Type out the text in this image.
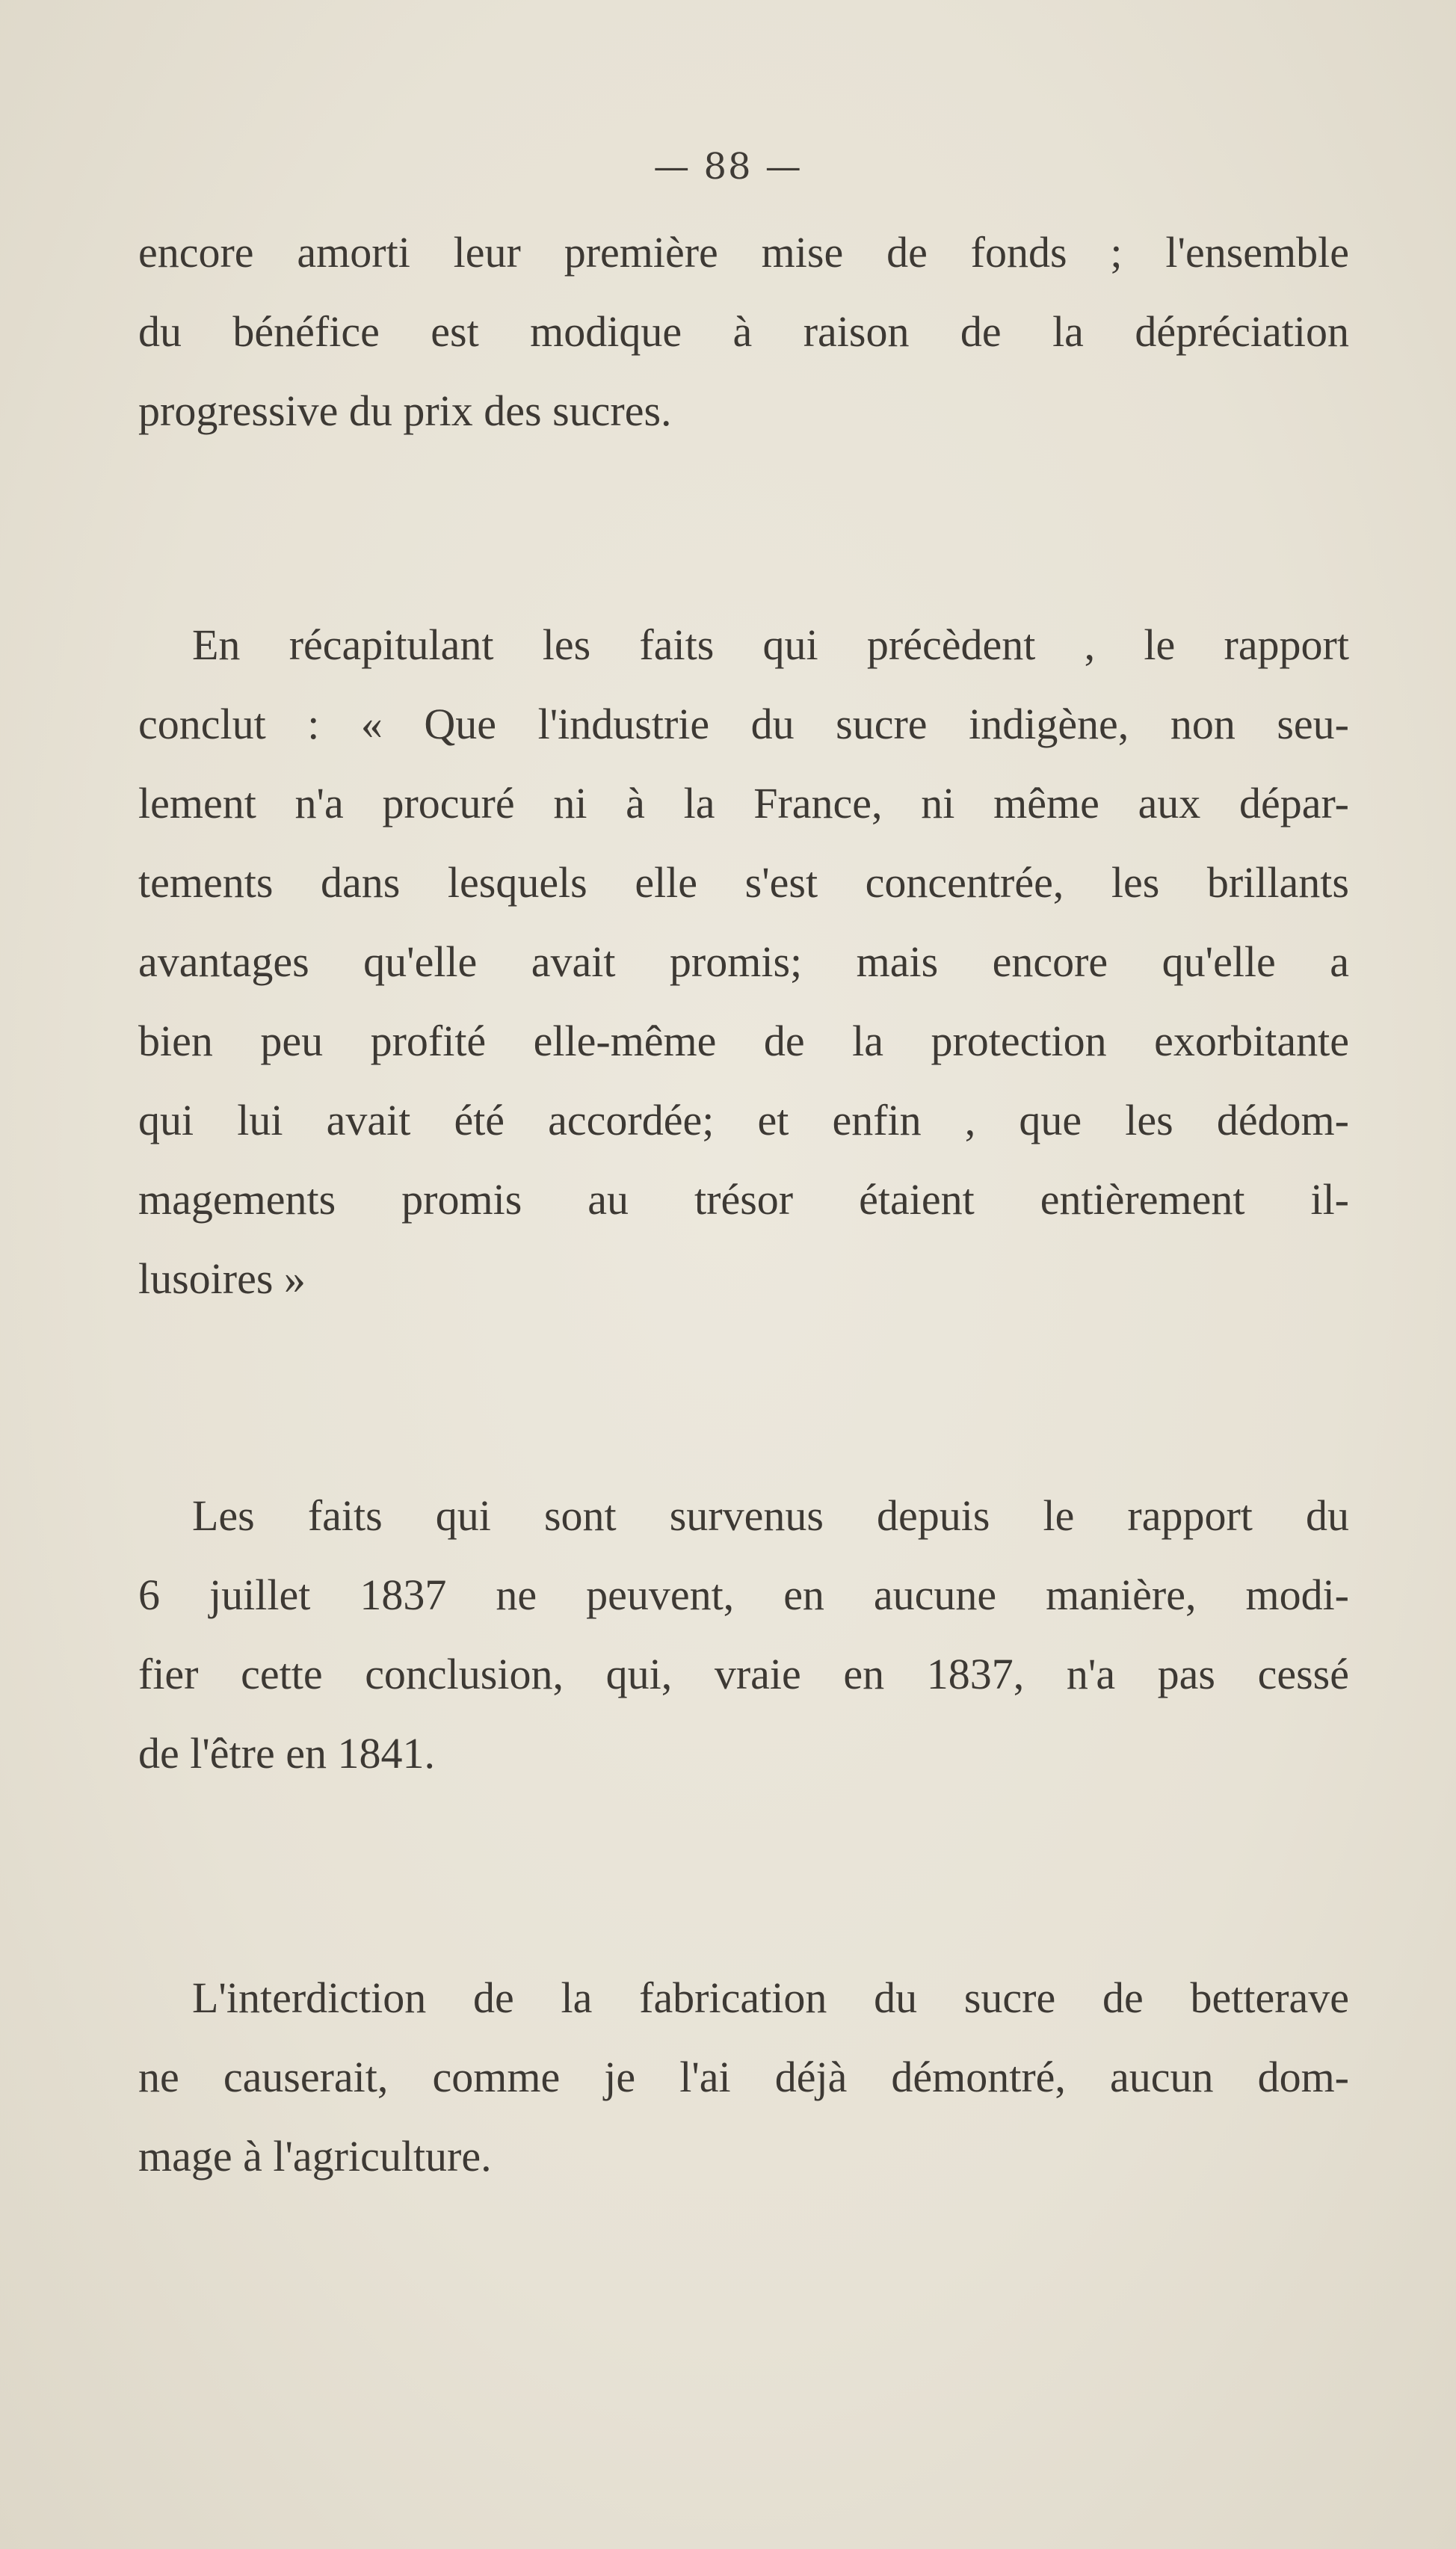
— 88 —
encore amorti leur première mise de fonds ; l'ensemble
du bénéfice est modique à raison de la dépréciation
progressive du prix des sucres.
En récapitulant les faits qui précèdent , le rapport
conclut : « Que l'industrie du sucre indigène, non seu-
lement n'a procuré ni à la France, ni même aux dépar-
tements dans lesquels elle s'est concentrée, les brillants
avantages qu'elle avait promis; mais encore qu'elle a
bien peu profité elle-même de la protection exorbitante
qui lui avait été accordée; et enfin , que les dédom-
magements promis au trésor étaient entièrement il-
lusoires »
Les faits qui sont survenus depuis le rapport du
6 juillet 1837 ne peuvent, en aucune manière, modi-
fier cette conclusion, qui, vraie en 1837, n'a pas cessé
de l'être en 1841.
L'interdiction de la fabrication du sucre de betterave
ne causerait, comme je l'ai déjà démontré, aucun dom-
mage à l'agriculture.
